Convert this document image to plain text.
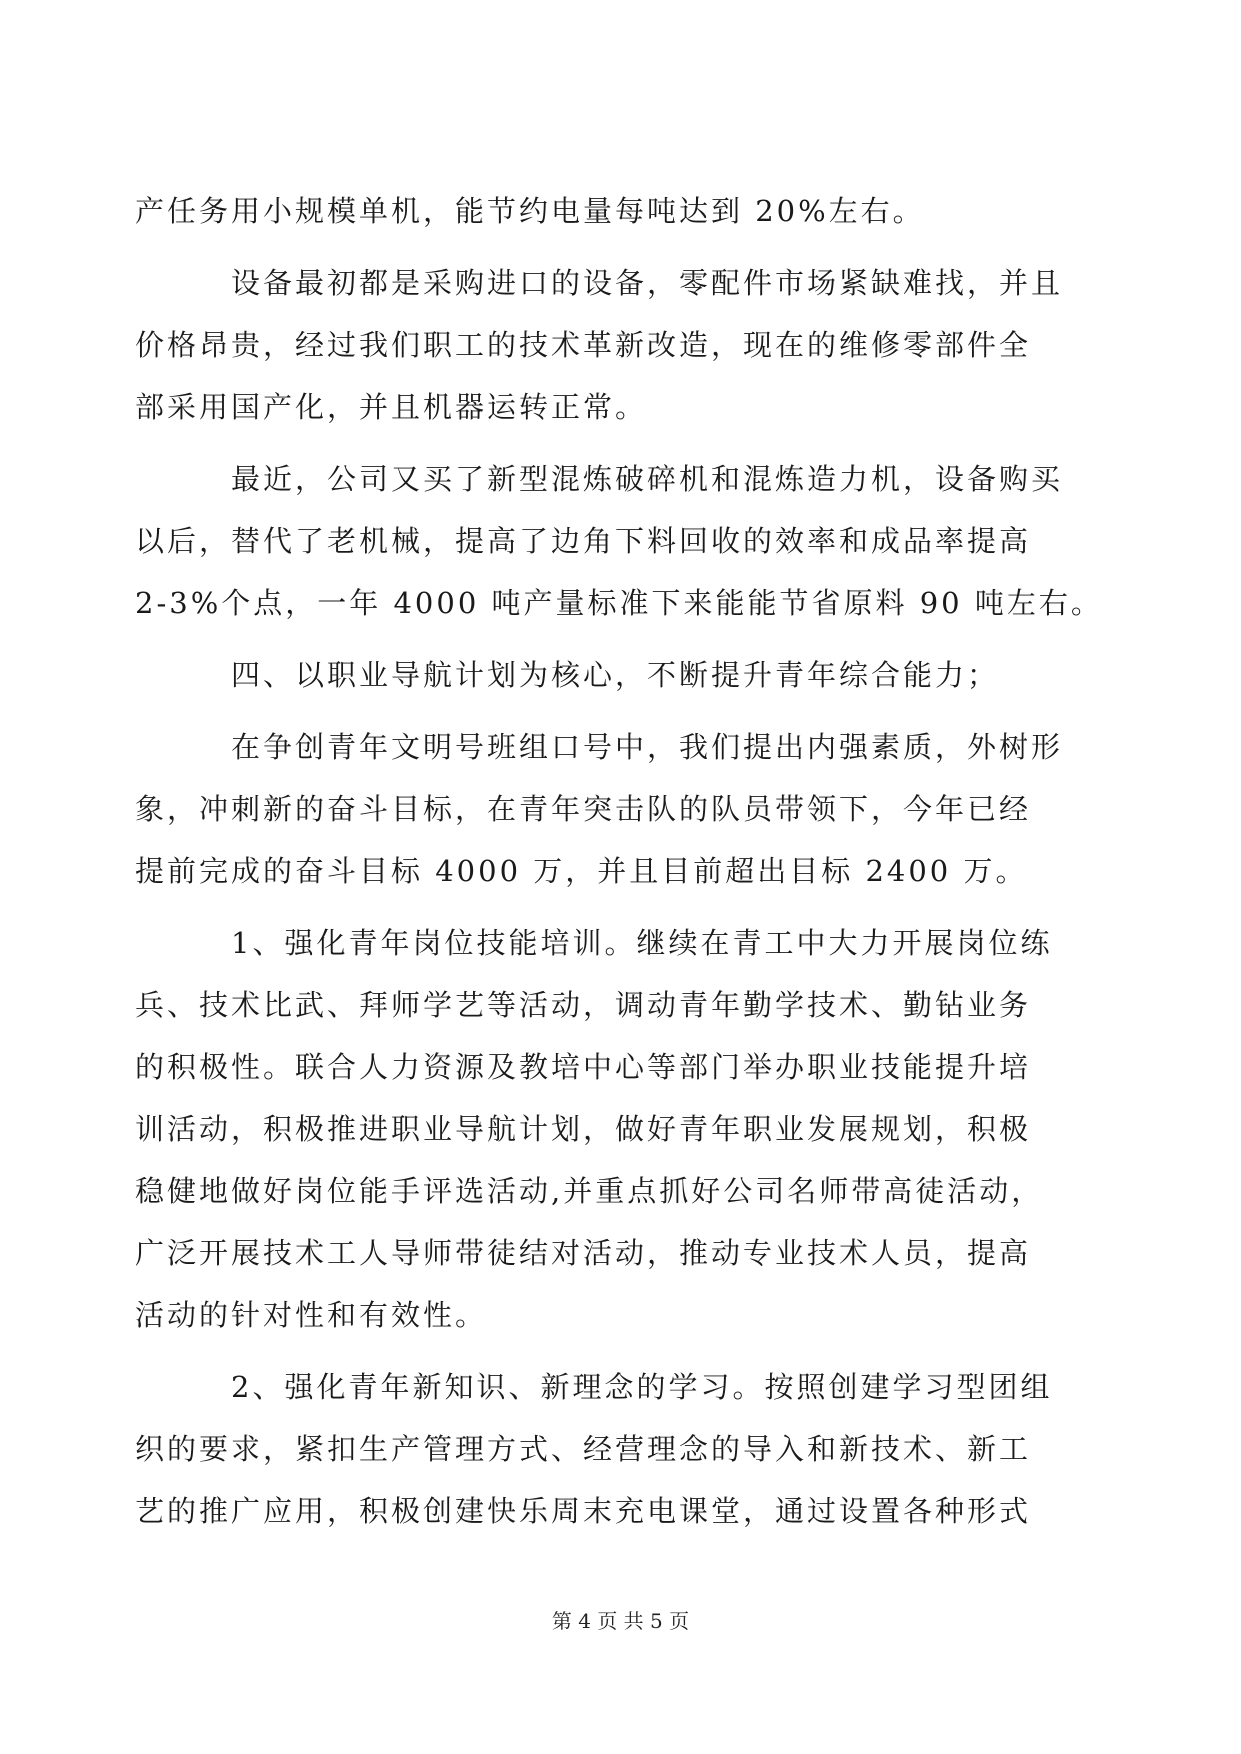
产任务用小规模单机，能节约电量每吨达到 20%左右。
设备最初都是采购进口的设备，零配件市场紧缺难找，并且
价格昂贵，经过我们职工的技术革新改造，现在的维修零部件全
部采用国产化，并且机器运转正常。
最近，公司又买了新型混炼破碎机和混炼造力机，设备购买
以后，替代了老机械，提高了边角下料回收的效率和成品率提高
2-3%个点，一年 4000 吨产量标准下来能能节省原料 90 吨左右。
四、以职业导航计划为核心，不断提升青年综合能力；
在争创青年文明号班组口号中，我们提出内强素质，外树形
象，冲刺新的奋斗目标，在青年突击队的队员带领下，今年已经
提前完成的奋斗目标 4000 万，并且目前超出目标 2400 万。
1、强化青年岗位技能培训。继续在青工中大力开展岗位练
兵、技术比武、拜师学艺等活动，调动青年勤学技术、勤钻业务
的积极性。联合人力资源及教培中心等部门举办职业技能提升培
训活动，积极推进职业导航计划，做好青年职业发展规划，积极
稳健地做好岗位能手评选活动,并重点抓好公司名师带高徒活动，
广泛开展技术工人导师带徒结对活动，推动专业技术人员，提高
活动的针对性和有效性。
2、强化青年新知识、新理念的学习。按照创建学习型团组
织的要求，紧扣生产管理方式、经营理念的导入和新技术、新工
艺的推广应用，积极创建快乐周末充电课堂，通过设置各种形式
第 4 页 共 5 页
